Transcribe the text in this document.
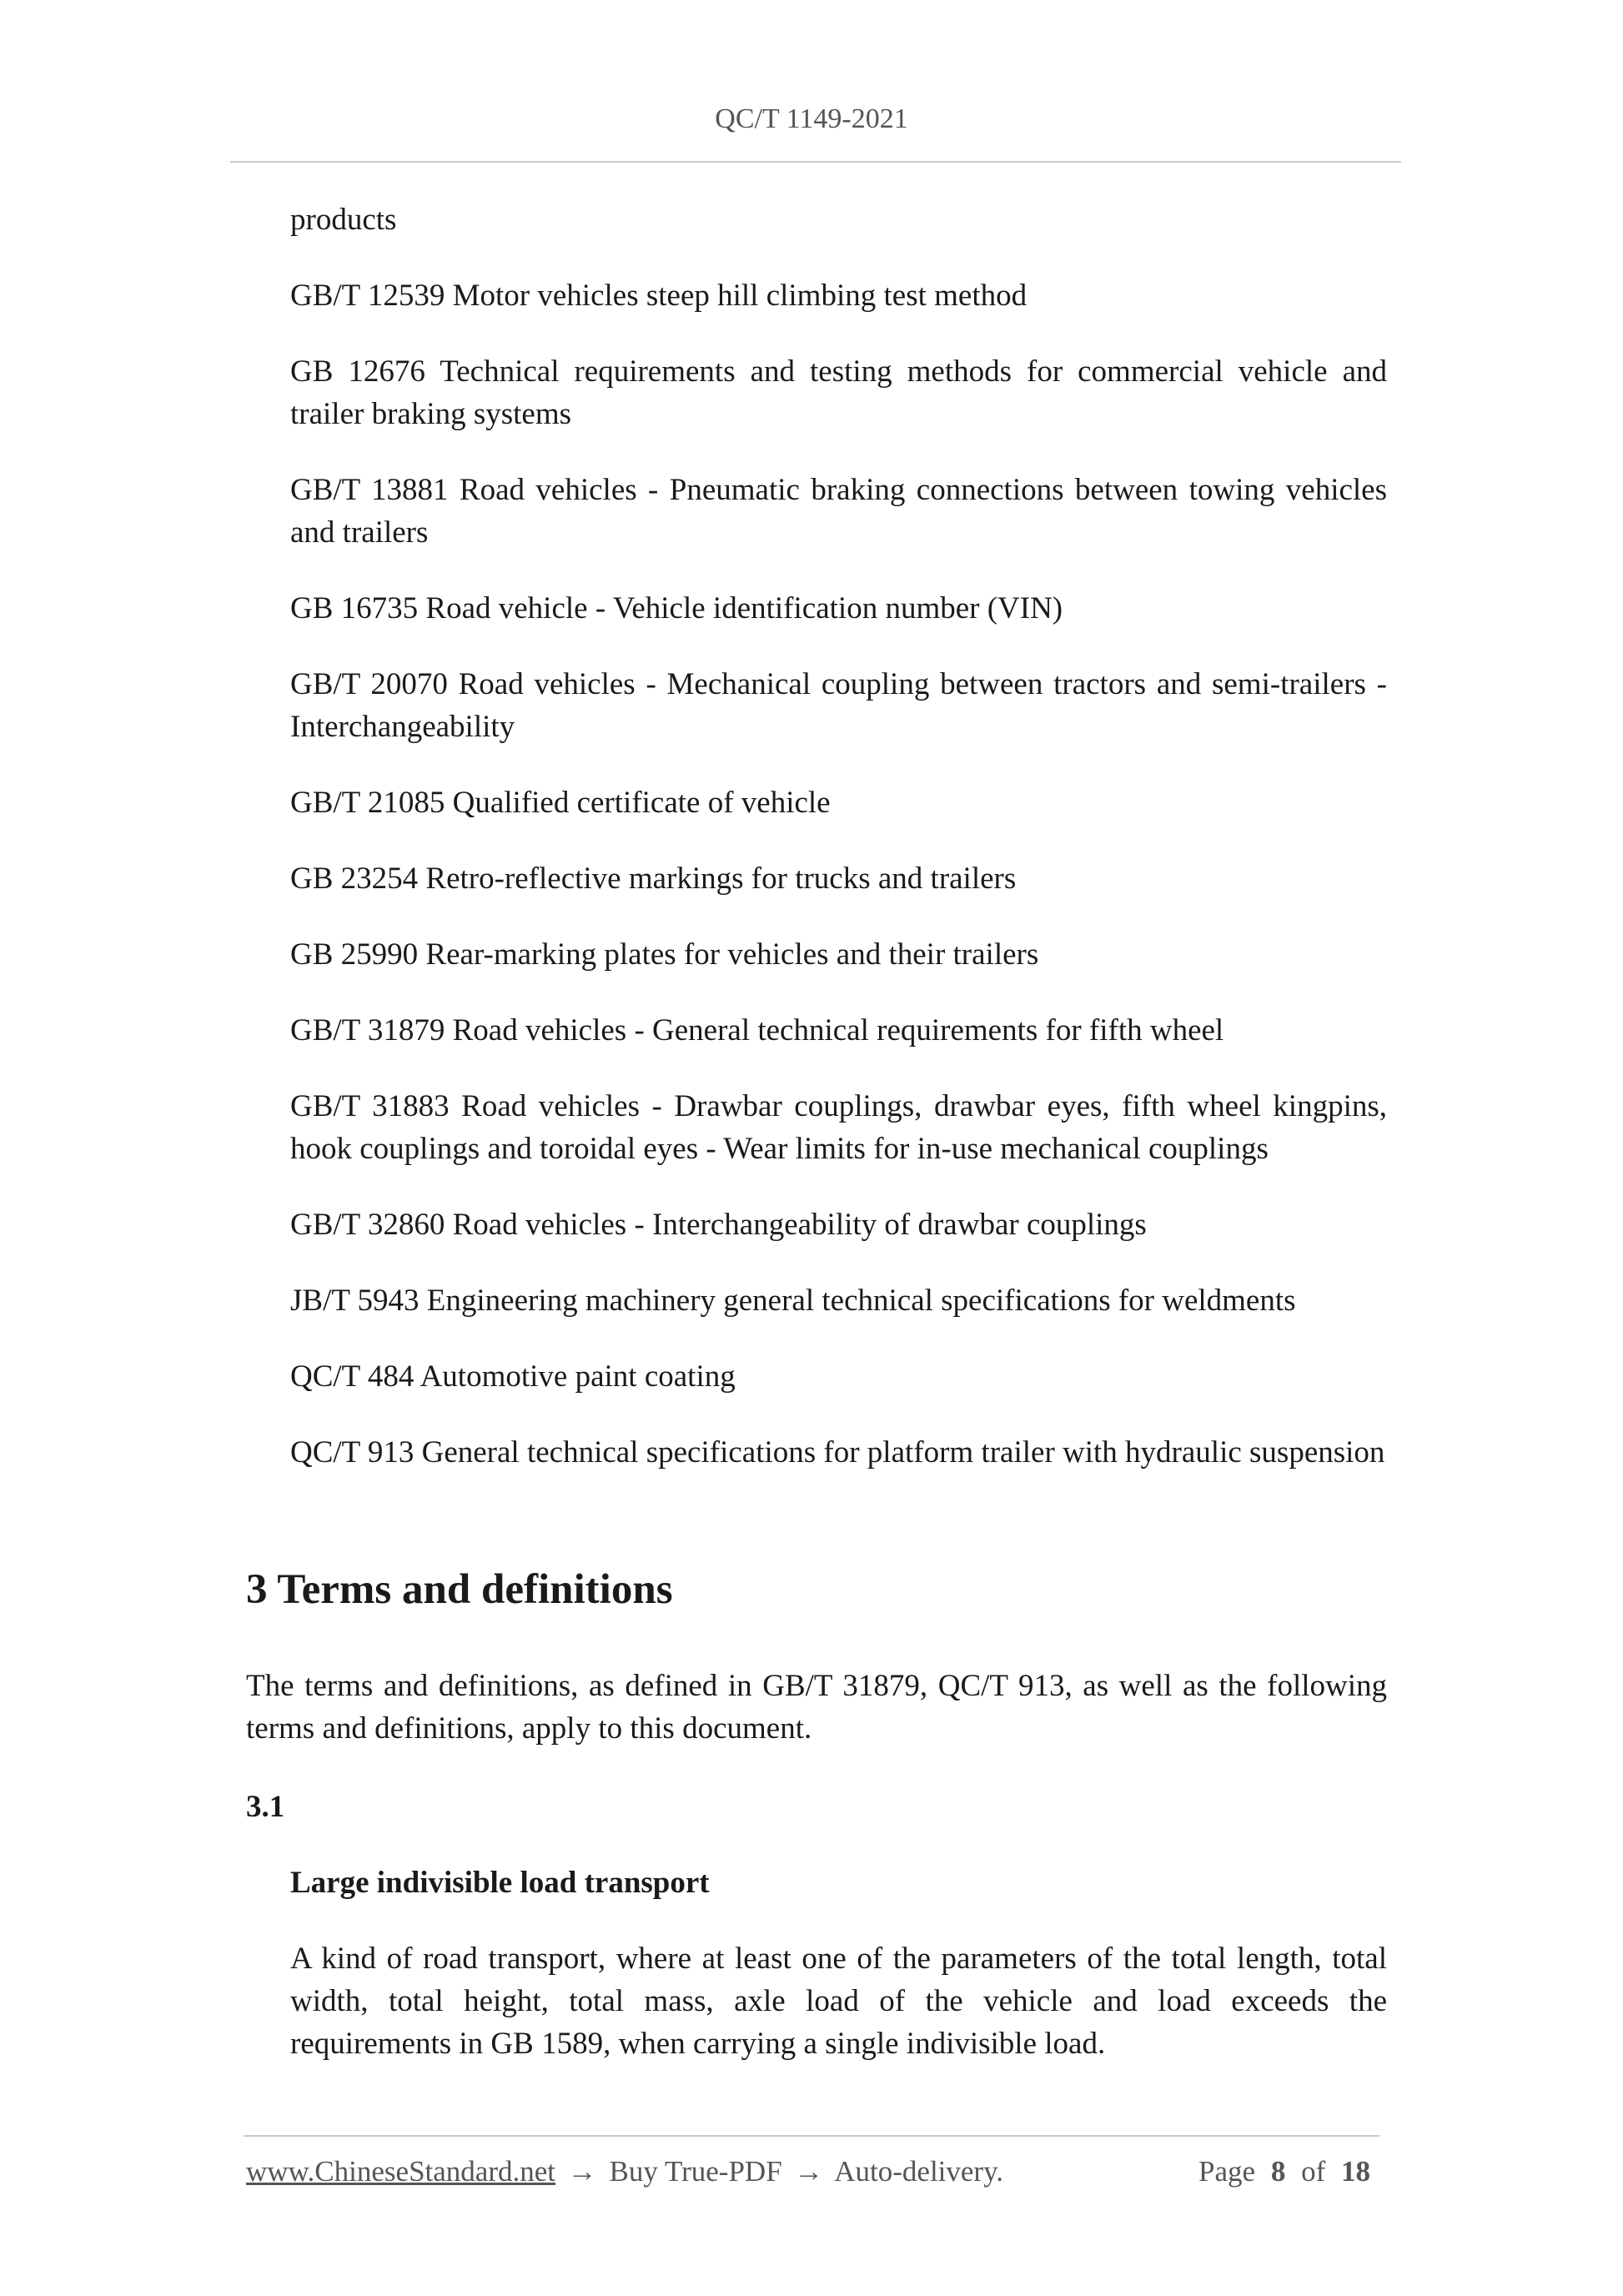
QC/T 1149-2021
products
GB/T 12539 Motor vehicles steep hill climbing test method
GB 12676 Technical requirements and testing methods for commercial vehicle and trailer braking systems
GB/T 13881 Road vehicles - Pneumatic braking connections between towing vehicles and trailers
GB 16735 Road vehicle - Vehicle identification number (VIN)
GB/T 20070 Road vehicles - Mechanical coupling between tractors and semi-trailers - Interchangeability
GB/T 21085 Qualified certificate of vehicle
GB 23254 Retro-reflective markings for trucks and trailers
GB 25990 Rear-marking plates for vehicles and their trailers
GB/T 31879 Road vehicles - General technical requirements for fifth wheel
GB/T 31883 Road vehicles - Drawbar couplings, drawbar eyes, fifth wheel kingpins, hook couplings and toroidal eyes - Wear limits for in-use mechanical couplings
GB/T 32860 Road vehicles - Interchangeability of drawbar couplings
JB/T 5943 Engineering machinery general technical specifications for weldments
QC/T 484 Automotive paint coating
QC/T 913 General technical specifications for platform trailer with hydraulic suspension
3 Terms and definitions

The terms and definitions, as defined in GB/T 31879, QC/T 913, as well as the following terms and definitions, apply to this document.

3.1

Large indivisible load transport

A kind of road transport, where at least one of the parameters of the total length, total width, total height, total mass, axle load of the vehicle and load exceeds the requirements in GB 1589, when carrying a single indivisible load.

www.ChineseStandard.net → Buy True-PDF → Auto-delivery.	Page 8 of 18
